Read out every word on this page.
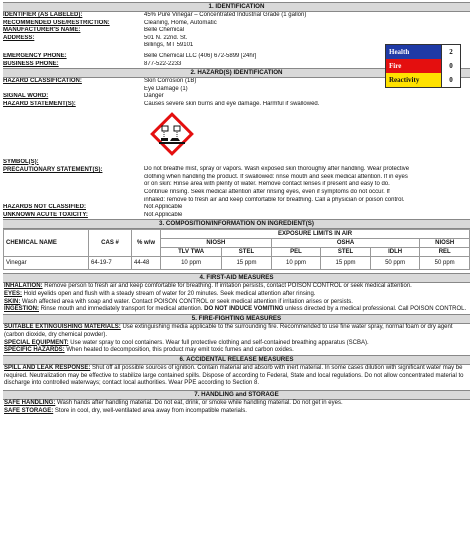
1. IDENTIFICATION
IDENTIFIER (AS LABELED):	45% Pure Vinegar – Concentrated Industrial Grade (1 gallon)
RECOMMENDED USE/RESTRICTION:	Cleaning, Home, Automatic
MANUFACTURER'S NAME:	Belle Chemical
ADDRESS:	501 N. 22nd. St.
Billings, MT 59101
EMERGENCY PHONE:	Belle Chemical LLC (406) 672-5899 [24hr]
BUSINESS PHONE:	877-522-2233
Health	2
Fire	0
Reactivity	0
2. HAZARD(S) IDENTIFICATION
HAZARD CLASSIFICATION:	Skin Corrosion (1B)
Eye Damage (1)
SIGNAL WORD:	Danger
HAZARD STATEMENT(S):	Causes severe skin burns and eye damage. Harmful if swallowed.
SYMBOL(S):
PRECAUTIONARY STATEMENT(S):	Do not breathe mist, spray or vapors. Wash exposed skin thoroughly after handling. Wear protective
clothing when handling the product. If swallowed: rinse mouth and seek medical attention. If in eyes
or on skin: Rinse area with plenty of water. Remove contact lenses if present and easy to do.
Continue rinsing. Seek medical attention after rinsing eyes, even if symptoms do not occur. If
inhaled: remove to fresh air and keep comfortable for breathing. Call a physician or poison control.
HAZARDS NOT CLASSIFIED:	Not Applicable
UNKNOWN ACUTE TOXICITY:	Not Applicable
3. COMPOSITION/INFORMATION ON INGREDIENT(S)
CHEMICAL NAME	CAS #	% w/w	EXPOSURE LIMITS IN AIR					
			NIOSH		OSHA			NIOSH
			TLV TWA	STEL	PEL	STEL	IDLH	REL
Vinegar	64-19-7	44-48	10 ppm	15 ppm	10 ppm	15 ppm	50 ppm	50 ppm
4. FIRST-AID MEASURES
INHALATION: Remove person to fresh air and keep comfortable for breathing. If irritation persists, contact POISON CONTROL or seek medical attention.
EYES: Hold eyelids open and flush with a steady stream of water for 20 minutes. Seek medical attention after rinsing.
SKIN: Wash affected area with soap and water. Contact POISON CONTROL or seek medical attention if irritation arises or persists.
INGESTION: Rinse mouth and immediately transport for medical attention. DO NOT INDUCE VOMITING unless directed by a medical professional. Call POISON CONTROL.
5. FIRE-FIGHTING MEASURES
SUITABLE EXTINGUISHING MATERIALS: Use extinguishing media applicable to the surrounding fire. Recommended to use fine water spray, normal foam or dry agent (carbon dioxide, dry chemical powder).
SPECIAL EQUIPMENT: Use water spray to cool containers. Wear full protective clothing and self-contained breathing apparatus (SCBA).
SPECIFIC HAZARDS: When heated to decomposition, this product may emit toxic fumes and carbon oxides.
6. ACCIDENTAL RELEASE MEASURES
SPILL AND LEAK RESPONSE: Shut off all possible sources of ignition. Contain material and absorb with inert material. In some cases dilution with significant water may be required. Neutralization may be effective to stabilize large contained spills. Dispose of according to Federal, State and local regulations. Do not allow concentrated material to discharge into controlled waterways; contact local authorities. Wear PPE according to Section 8.
7. HANDLING and STORAGE
SAFE HANDLING: Wash hands after handling material. Do not eat, drink, or smoke while handling material. Do not get in eyes.
SAFE STORAGE: Store in cool, dry, well-ventilated area away from incompatible materials.
